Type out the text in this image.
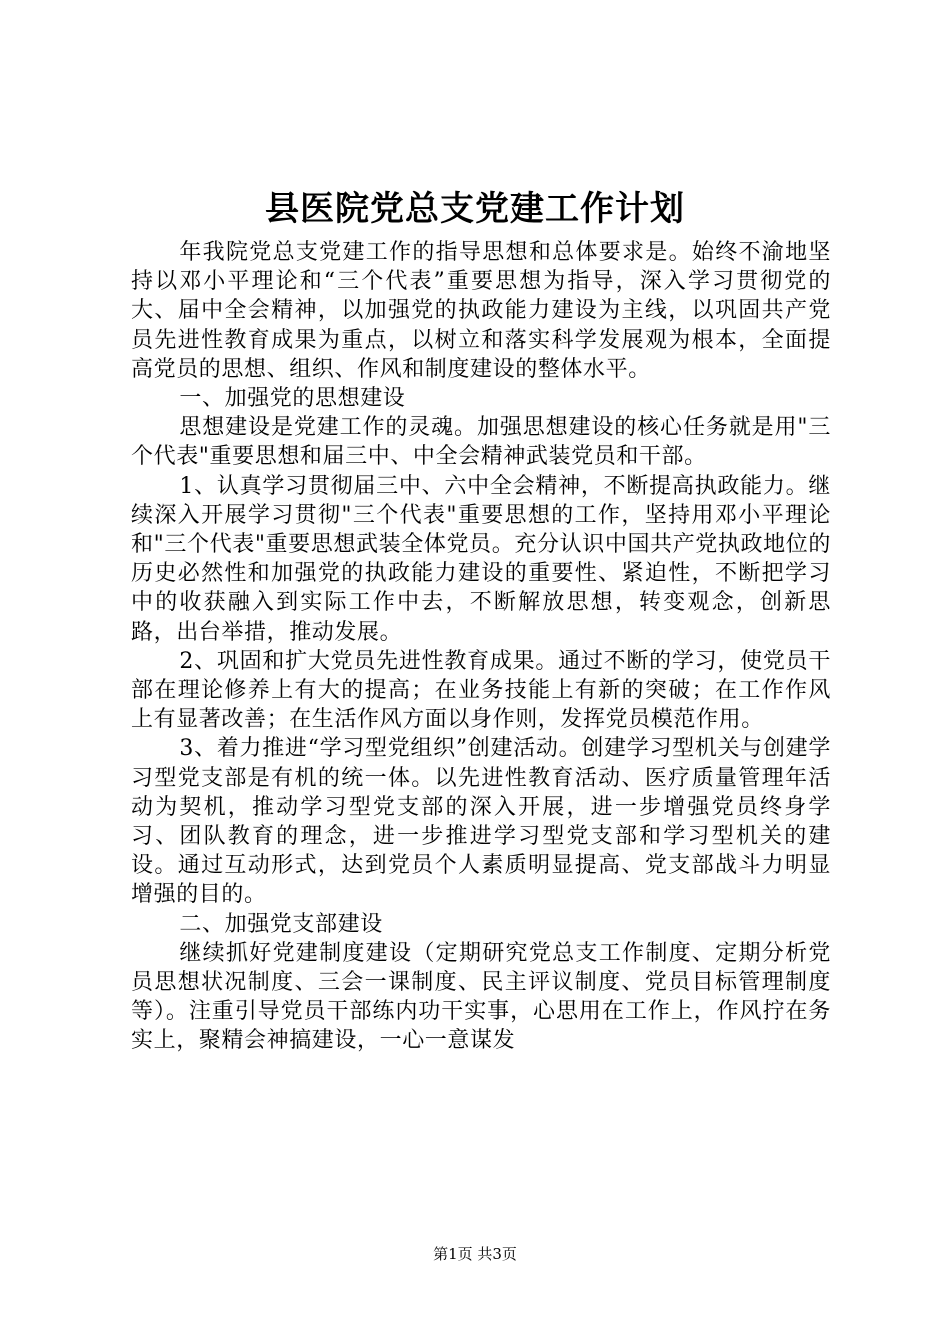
县医院党总支党建工作计划

年我院党总支党建工作的指导思想和总体要求是。始终不渝地坚持以邓小平理论和“三个代表”重要思想为指导，深入学习贯彻党的大、届中全会精神，以加强党的执政能力建设为主线，以巩固共产党员先进性教育成果为重点，以树立和落实科学发展观为根本，全面提高党员的思想、组织、作风和制度建设的整体水平。

一、加强党的思想建设

思想建设是党建工作的灵魂。加强思想建设的核心任务就是用"三个代表"重要思想和届三中、中全会精神武装党员和干部。

1、认真学习贯彻届三中、六中全会精神，不断提高执政能力。继续深入开展学习贯彻"三个代表"重要思想的工作，坚持用邓小平理论和"三个代表"重要思想武装全体党员。充分认识中国共产党执政地位的历史必然性和加强党的执政能力建设的重要性、紧迫性，不断把学习中的收获融入到实际工作中去，不断解放思想，转变观念，创新思路，出台举措，推动发展。

2、巩固和扩大党员先进性教育成果。通过不断的学习，使党员干部在理论修养上有大的提高；在业务技能上有新的突破；在工作作风上有显著改善；在生活作风方面以身作则，发挥党员模范作用。

3、着力推进“学习型党组织”创建活动。创建学习型机关与创建学习型党支部是有机的统一体。以先进性教育活动、医疗质量管理年活动为契机，推动学习型党支部的深入开展，进一步增强党员终身学习、团队教育的理念，进一步推进学习型党支部和学习型机关的建设。通过互动形式，达到党员个人素质明显提高、党支部战斗力明显增强的目的。

二、加强党支部建设

继续抓好党建制度建设（定期研究党总支工作制度、定期分析党员思想状况制度、三会一课制度、民主评议制度、党员目标管理制度等）。注重引导党员干部练内功干实事，心思用在工作上，作风拧在务实上，聚精会神搞建设，一心一意谋发

第1页 共3页
